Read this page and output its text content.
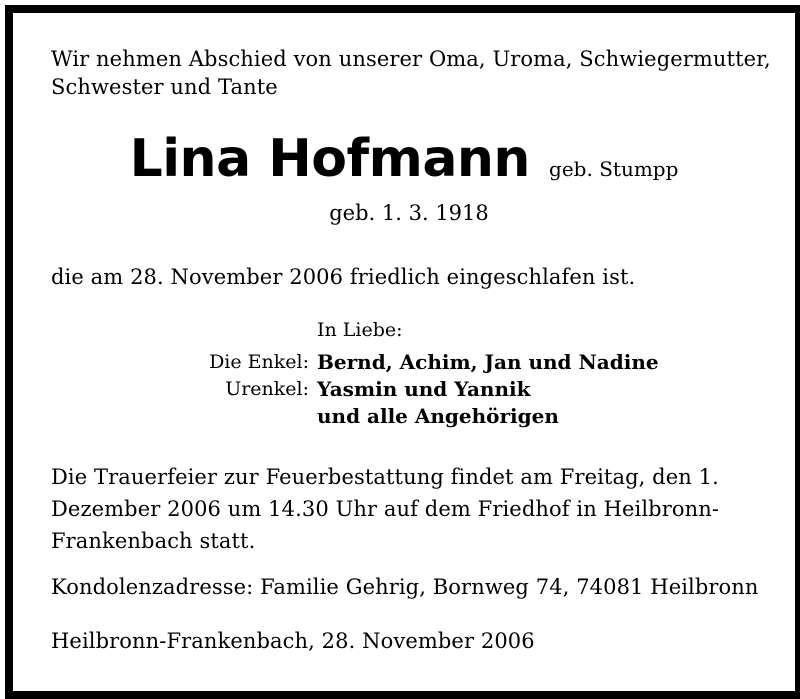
Wir nehmen Abschied von unserer Oma, Uroma, Schwiegermutter, Schwester und Tante
Lina Hofmann geb. Stumpp
geb. 1. 3. 1918
die am 28. November 2006 friedlich eingeschlafen ist.
In Liebe:
Die Enkel: Bernd, Achim, Jan und Nadine
Urenkel: Yasmin und Yannik
und alle Angehörigen
Die Trauerfeier zur Feuerbestattung findet am Freitag, den 1. Dezember 2006 um 14.30 Uhr auf dem Friedhof in Heilbronn-Frankenbach statt.
Kondolenzadresse: Familie Gehrig, Bornweg 74, 74081 Heilbronn
Heilbronn-Frankenbach, 28. November 2006
